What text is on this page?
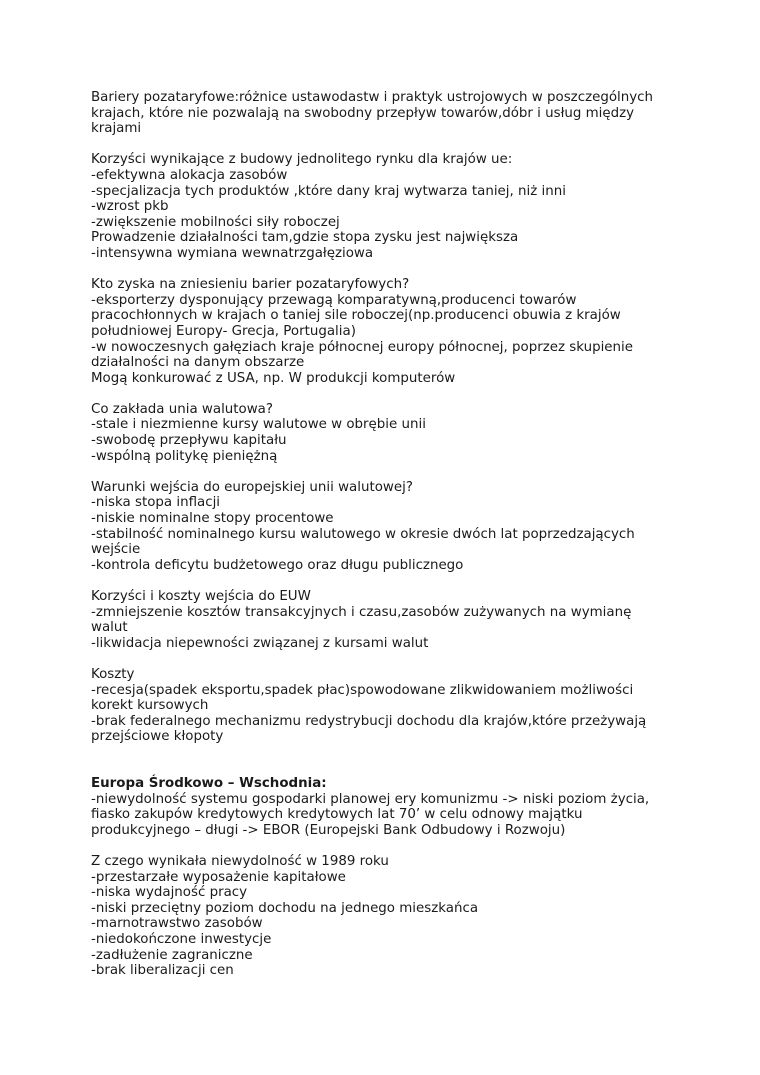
Bariery pozataryfowe:różnice ustawodastw i praktyk ustrojowych w poszczególnych

krajach, które nie pozwalają na swobodny przepływ towarów,dóbr i usług między

krajami

Korzyści wynikające z budowy jednolitego rynku dla krajów ue:

-efektywna alokacja zasobów

-specjalizacja tych produktów ,które dany kraj wytwarza taniej, niż inni

-wzrost pkb

-zwiększenie mobilności siły roboczej

Prowadzenie działalności tam,gdzie stopa zysku jest największa

-intensywna wymiana wewnatrzgałęziowa

Kto zyska na zniesieniu barier pozataryfowych?

-eksporterzy dysponujący przewagą komparatywną,producenci towarów

pracochłonnych w krajach o taniej sile roboczej(np.producenci obuwia z krajów

południowej Europy- Grecja, Portugalia)

-w nowoczesnych gałęziach kraje północnej europy północnej, poprzez skupienie

działalności na danym obszarze

Mogą konkurować z USA, np. W produkcji komputerów

Co zakłada unia walutowa?

-stale i niezmienne kursy walutowe w obrębie unii

-swobodę przepływu kapitału

-wspólną politykę pieniężną

Warunki wejścia do europejskiej unii walutowej?

-niska stopa inflacji

-niskie nominalne stopy procentowe

-stabilność nominalnego kursu walutowego w okresie dwóch lat poprzedzających

wejście

-kontrola deficytu budżetowego oraz długu publicznego

Korzyści i koszty wejścia do EUW

-zmniejszenie kosztów transakcyjnych i czasu,zasobów zużywanych na wymianę

walut

-likwidacja niepewności związanej z kursami walut

Koszty

-recesja(spadek eksportu,spadek płac)spowodowane zlikwidowaniem możliwości

korekt kursowych

-brak federalnego mechanizmu redystrybucji dochodu dla krajów,które przeżywają

przejściowe kłopoty

Europa Środkowo – Wschodnia:

-niewydolność systemu gospodarki planowej ery komunizmu -> niski poziom życia,

fiasko zakupów kredytowych kredytowych lat 70’ w celu odnowy majątku

produkcyjnego – długi -> EBOR (Europejski Bank Odbudowy i Rozwoju)

Z czego wynikała niewydolność w 1989 roku

-przestarzałe wyposażenie kapitałowe

-niska wydajność pracy

-niski przeciętny poziom dochodu na jednego mieszkańca

-marnotrawstwo zasobów

-niedokończone inwestycje

-zadłużenie zagraniczne

-brak liberalizacji cen
